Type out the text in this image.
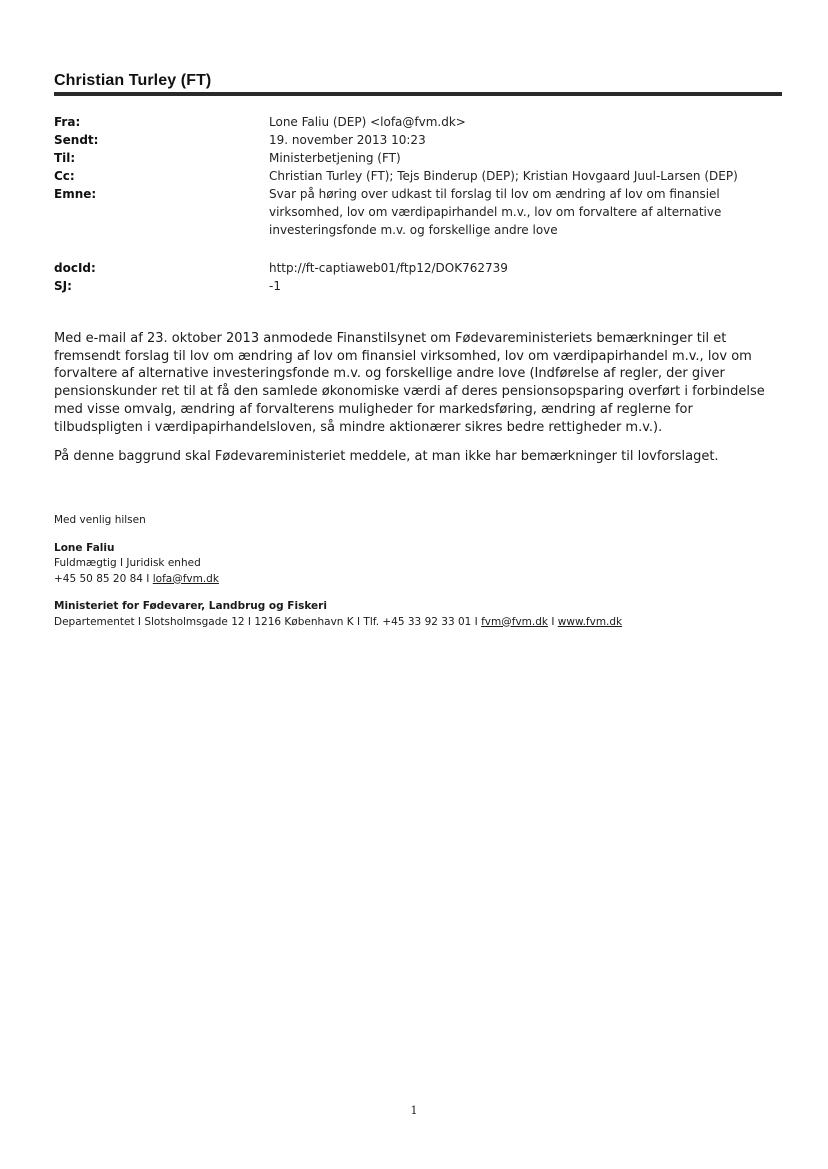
Christian Turley (FT)
Fra:	Lone Faliu (DEP) <lofa@fvm.dk>
Sendt:	19. november 2013 10:23
Til:	Ministerbetjening (FT)
Cc:	Christian Turley (FT); Tejs Binderup (DEP); Kristian Hovgaard Juul-Larsen (DEP)
Emne:	Svar på høring over udkast til forslag til lov om ændring af lov om finansiel virksomhed, lov om værdipapirhandel m.v., lov om forvaltere af alternative investeringsfonde m.v. og forskellige andre love
docId:	http://ft-captiaweb01/ftp12/DOK762739
SJ:	-1

Med e-mail af 23. oktober 2013 anmodede Finanstilsynet om Fødevareministeriets bemærkninger til et fremsendt forslag til lov om ændring af lov om finansiel virksomhed, lov om værdipapirhandel m.v., lov om forvaltere af alternative investeringsfonde m.v. og forskellige andre love (Indførelse af regler, der giver pensionskunder ret til at få den samlede økonomiske værdi af deres pensionsopsparing overført i forbindelse med visse omvalg, ændring af forvalterens muligheder for markedsføring, ændring af reglerne for tilbudspligten i værdipapirhandelsloven, så mindre aktionærer sikres bedre rettigheder m.v.).

På denne baggrund skal Fødevareministeriet meddele, at man ikke har bemærkninger til lovforslaget.

Med venlig hilsen
Lone Faliu
Fuldmægtig I Juridisk enhed
+45 50 85 20 84 I lofa@fvm.dk
Ministeriet for Fødevarer, Landbrug og Fiskeri
Departementet I Slotsholmsgade 12 I 1216 København K I Tlf. +45 33 92 33 01 I fvm@fvm.dk I www.fvm.dk
1
